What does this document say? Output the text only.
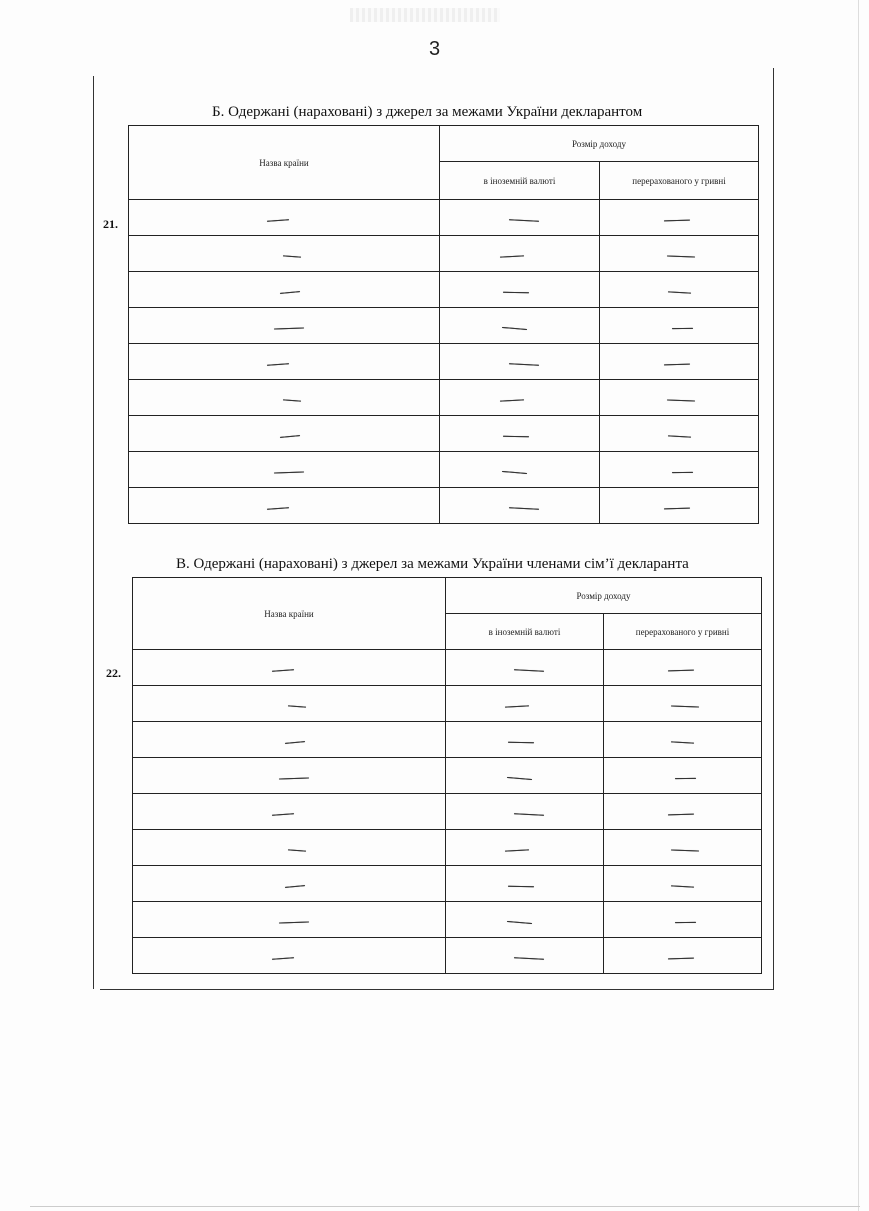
3
Б. Одержані (нараховані) з джерел за межами України декларантом
21.
Назва країни	Розмір доходу	
	в іноземній валюті	перерахованого у гривні

В. Одержані (нараховані) з джерел за межами України членами сім’ї декларанта
22.
Назва країни	Розмір доходу	
	в іноземній валюті	перерахованого у гривні
